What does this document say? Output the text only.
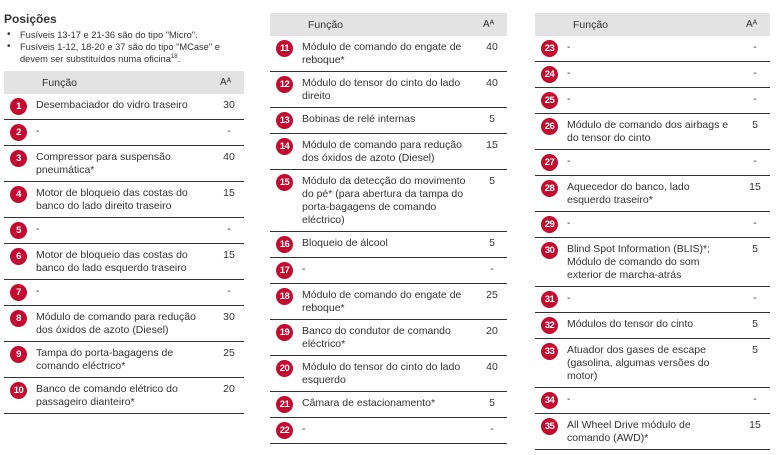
Posições
• Fusíveis 13-17 e 21-36 são do tipo "Micro".
• Fusíveis 1-12, 18-20 e 37 são do tipo "MCase" e devem ser substituídos numa oficina$^{18}$.
	Função	Aᴬ
1	Desembaciador do vidro traseiro	30
2	-	-
3	Compressor para suspensão pneumática*	40
4	Motor de bloqueio das costas do banco do lado direito traseiro	15
5	-	-
6	Motor de bloqueio das costas do banco do lado esquerdo traseiro	15
7	-	-
8	Módulo de comando para redução dos óxidos de azoto (Diesel)	30
9	Tampa do porta-bagagens de comando eléctrico*	25
10	Banco de comando elétrico do passageiro dianteiro*	20
	Função	Aᴬ
11	Módulo de comando do engate de reboque*	40
12	Módulo do tensor do cinto do lado direito	40
13	Bobinas de relé internas	5
14	Módulo de comando para redução dos óxidos de azoto (Diesel)	15
15	Módulo da detecção do movimento do pé* (para abertura da tampa do porta-bagagens de comando eléctrico)	5
16	Bloqueio de álcool	5
17	-	-
18	Módulo de comando do engate de reboque*	25
19	Banco do condutor de comando eléctrico*	20
20	Módulo do tensor do cinto do lado esquerdo	40
21	Câmara de estacionamento*	5
22	-	-
	Função	Aᴬ
23	-	-
24	-	-
25	-	-
26	Módulo de comando dos airbags e do tensor do cinto	5
27	-	-
28	Aquecedor do banco, lado esquerdo traseiro*	15
29	-	-
30	Blind Spot Information (BLIS)*; Módulo de comando do som exterior de marcha-atrás	5
31	-	-
32	Módulos do tensor do cinto	5
33	Atuador dos gases de escape (gasolina, algumas versões do motor)	5
34	-	-
35	All Wheel Drive módulo de comando (AWD)*	15
